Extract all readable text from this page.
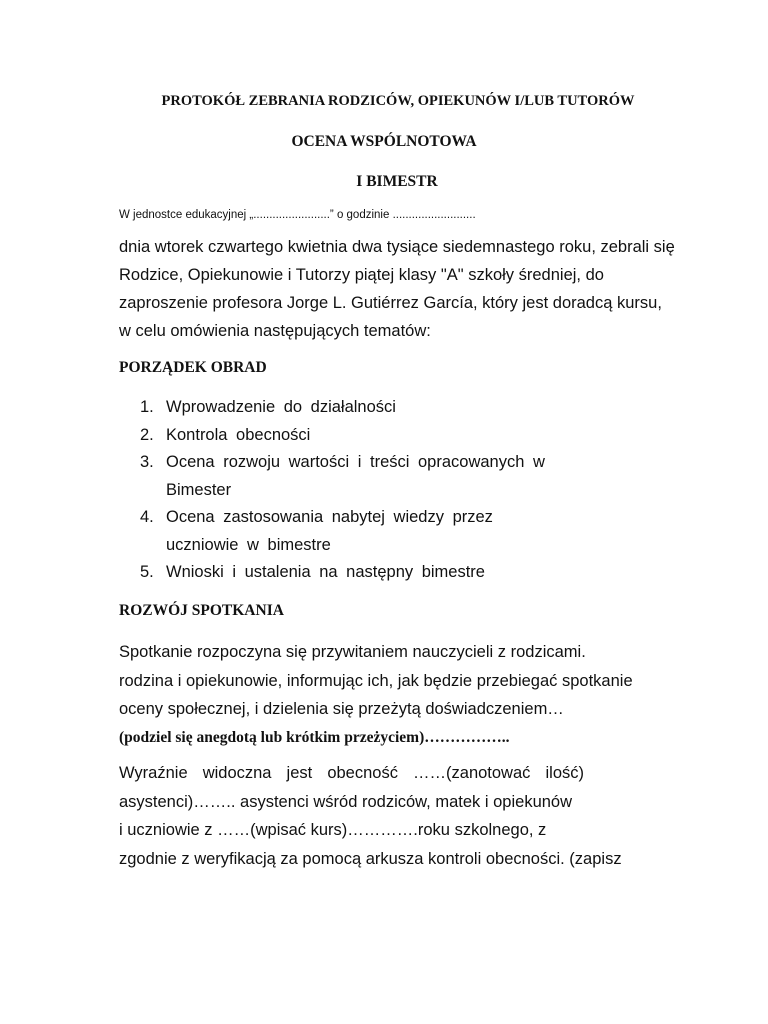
PROTOKÓŁ ZEBRANIA RODZICÓW, OPIEKUNÓW I/LUB TUTORÓW
OCENA WSPÓLNOTOWA
I BIMESTR
W jednostce edukacyjnej „........................” o godzinie ..........................
dnia wtorek czwartego kwietnia dwa tysiące siedemnastego roku, zebrali się
Rodzice, Opiekunowie i Tutorzy piątej klasy "A" szkoły średniej, do
zaproszenie profesora Jorge L. Gutiérrez García, który jest doradcą kursu,
w celu omówienia następujących tematów:
PORZĄDEK OBRAD
1. Wprowadzenie do działalności
2. Kontrola obecności
3. Ocena rozwoju wartości i treści opracowanych w
Bimester
4. Ocena zastosowania nabytej wiedzy przez
uczniowie w bimestre
5. Wnioski i ustalenia na następny bimestre
ROZWÓJ SPOTKANIA
Spotkanie rozpoczyna się przywitaniem nauczycieli z rodzicami.
rodzina i opiekunowie, informując ich, jak będzie przebiegać spotkanie
oceny społecznej, i dzielenia się przeżytą doświadczeniem…
(podziel się anegdotą lub krótkim przeżyciem)……………..
Wyraźnie widoczna jest obecność ……(zanotować ilość)
asystenci)…….. asystenci wśród rodziców, matek i opiekunów
i uczniowie z ……(wpisać kurs)………….roku szkolnego, z
zgodnie z weryfikacją za pomocą arkusza kontroli obecności. (zapisz
